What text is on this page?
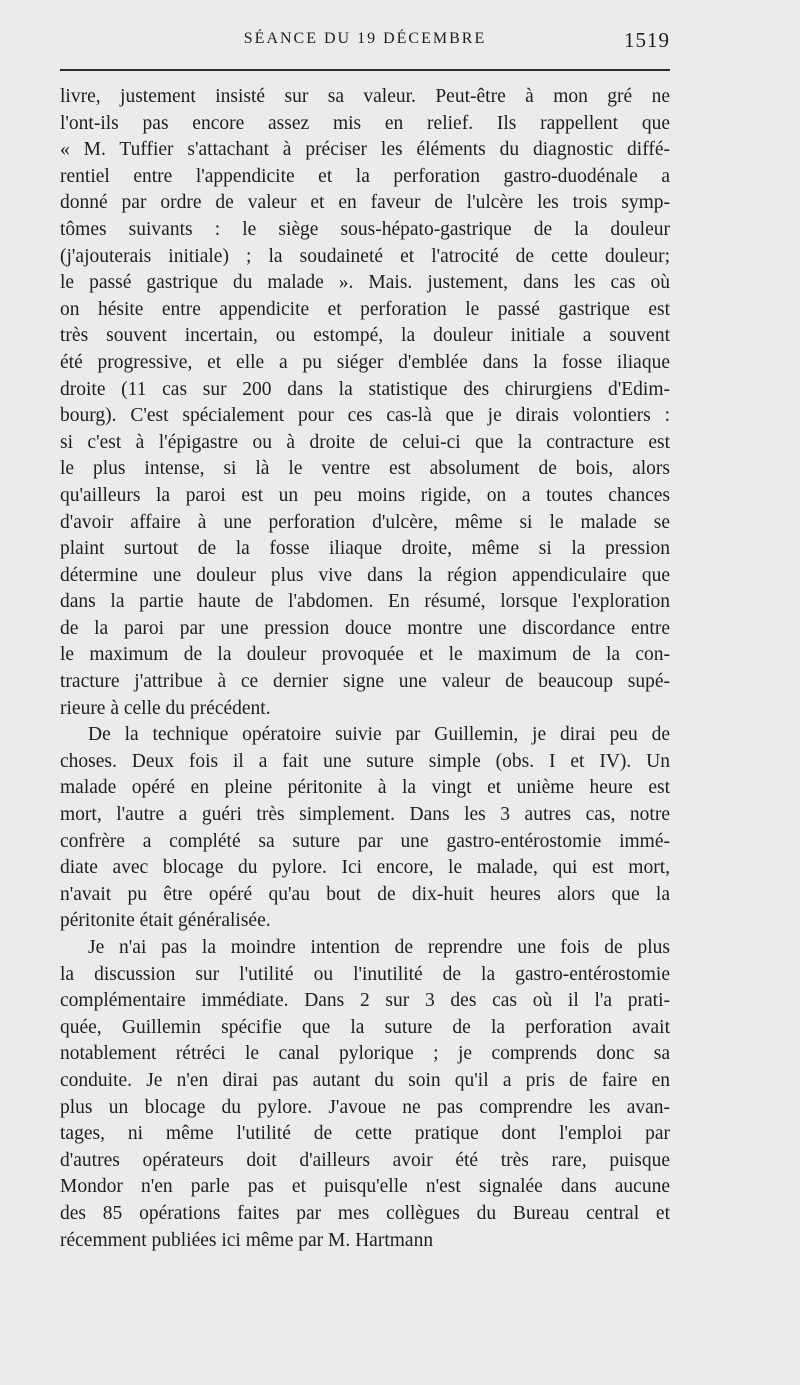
SÉANCE DU 19 DÉCEMBRE	1519
livre, justement insisté sur sa valeur. Peut-être à mon gré ne
l'ont-ils pas encore assez mis en relief. Ils rappellent que
« M. Tuffier s'attachant à préciser les éléments du diagnostic diffé-
rentiel entre l'appendicite et la perforation gastro-duodénale a
donné par ordre de valeur et en faveur de l'ulcère les trois symp-
tômes suivants : le siège sous-hépato-gastrique de la douleur
(j'ajouterais initiale) ; la soudaineté et l'atrocité de cette douleur;
le passé gastrique du malade ». Mais. justement, dans les cas où
on hésite entre appendicite et perforation le passé gastrique est
très souvent incertain, ou estompé, la douleur initiale a souvent
été progressive, et elle a pu siéger d'emblée dans la fosse iliaque
droite (11 cas sur 200 dans la statistique des chirurgiens d'Edim-
bourg). C'est spécialement pour ces cas-là que je dirais volontiers :
si c'est à l'épigastre ou à droite de celui-ci que la contracture est
le plus intense, si là le ventre est absolument de bois, alors
qu'ailleurs la paroi est un peu moins rigide, on a toutes chances
d'avoir affaire à une perforation d'ulcère, même si le malade se
plaint surtout de la fosse iliaque droite, même si la pression
détermine une douleur plus vive dans la région appendiculaire que
dans la partie haute de l'abdomen. En résumé, lorsque l'exploration
de la paroi par une pression douce montre une discordance entre
le maximum de la douleur provoquée et le maximum de la con-
tracture j'attribue à ce dernier signe une valeur de beaucoup supé-
rieure à celle du précédent.
De la technique opératoire suivie par Guillemin, je dirai peu de
choses. Deux fois il a fait une suture simple (obs. I et IV). Un
malade opéré en pleine péritonite à la vingt et unième heure est
mort, l'autre a guéri très simplement. Dans les 3 autres cas, notre
confrère a complété sa suture par une gastro-entérostomie immé-
diate avec blocage du pylore. Ici encore, le malade, qui est mort,
n'avait pu être opéré qu'au bout de dix-huit heures alors que la
péritonite était généralisée.
Je n'ai pas la moindre intention de reprendre une fois de plus
la discussion sur l'utilité ou l'inutilité de la gastro-entérostomie
complémentaire immédiate. Dans 2 sur 3 des cas où il l'a prati-
quée, Guillemin spécifie que la suture de la perforation avait
notablement rétréci le canal pylorique ; je comprends donc sa
conduite. Je n'en dirai pas autant du soin qu'il a pris de faire en
plus un blocage du pylore. J'avoue ne pas comprendre les avan-
tages, ni même l'utilité de cette pratique dont l'emploi par
d'autres opérateurs doit d'ailleurs avoir été très rare, puisque
Mondor n'en parle pas et puisqu'elle n'est signalée dans aucune
des 85 opérations faites par mes collègues du Bureau central et
récemment publiées ici même par M. Hartmann
